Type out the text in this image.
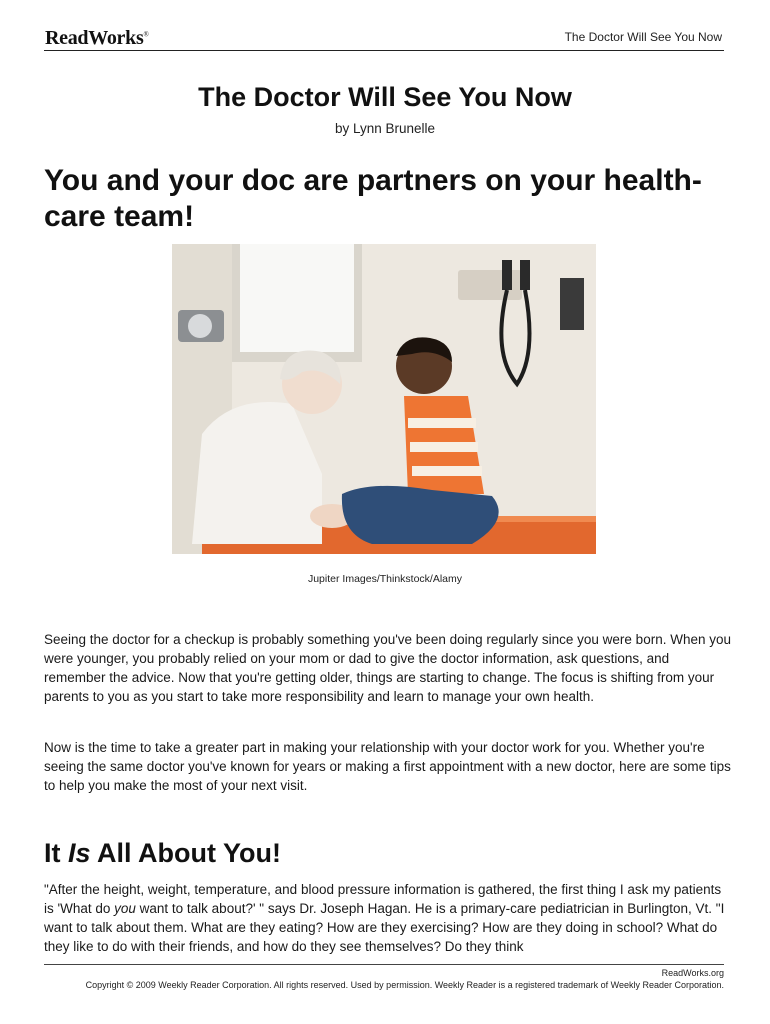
ReadWorks®	The Doctor Will See You Now
The Doctor Will See You Now
by Lynn Brunelle
You and your doc are partners on your health-care team!
Jupiter Images/Thinkstock/Alamy

Seeing the doctor for a checkup is probably something you've been doing regularly since you were born. When you were younger, you probably relied on your mom or dad to give the doctor information, ask questions, and remember the advice. Now that you're getting older, things are starting to change. The focus is shifting from your parents to you as you start to take more responsibility and learn to manage your own health.

Now is the time to take a greater part in making your relationship with your doctor work for you. Whether you're seeing the same doctor you've known for years or making a first appointment with a new doctor, here are some tips to help you make the most of your next visit.

It Is All About You!

"After the height, weight, temperature, and blood pressure information is gathered, the first thing I ask my patients is 'What do you want to talk about?' " says Dr. Joseph Hagan. He is a primary-care pediatrician in Burlington, Vt. "I want to talk about them. What are they eating? How are they exercising? How are they doing in school? What do they like to do with their friends, and how do they see themselves? Do they think

ReadWorks.org
Copyright © 2009 Weekly Reader Corporation. All rights reserved. Used by permission. Weekly Reader is a registered trademark of Weekly Reader Corporation.
